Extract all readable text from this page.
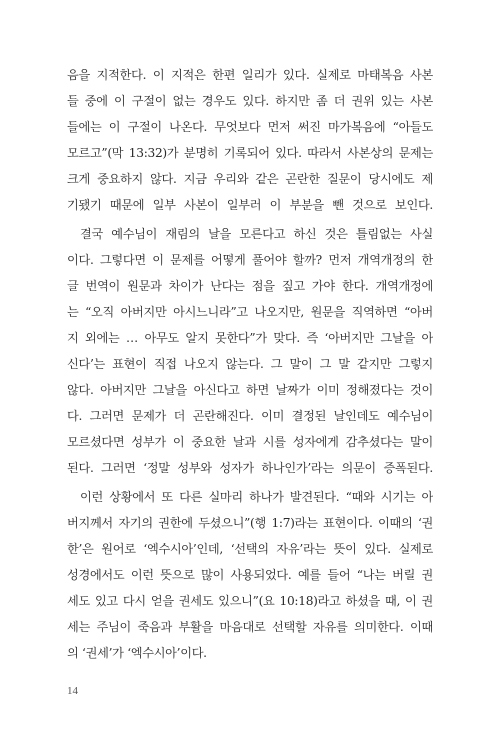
음을 지적한다. 이 지적은 한편 일리가 있다. 실제로 마태복음 사본
들 중에 이 구절이 없는 경우도 있다. 하지만 좀 더 권위 있는 사본
들에는 이 구절이 나온다. 무엇보다 먼저 써진 마가복음에 “아들도
모르고”(막 13:32)가 분명히 기록되어 있다. 따라서 사본상의 문제는
크게 중요하지 않다. 지금 우리와 같은 곤란한 질문이 당시에도 제
기됐기 때문에 일부 사본이 일부러 이 부분을 뺀 것으로 보인다.
결국 예수님이 재림의 날을 모른다고 하신 것은 틀림없는 사실
이다. 그렇다면 이 문제를 어떻게 풀어야 할까? 먼저 개역개정의 한
글 번역이 원문과 차이가 난다는 점을 짚고 가야 한다. 개역개정에
는 “오직 아버지만 아시느니라”고 나오지만, 원문을 직역하면 “아버
지 외에는 … 아무도 알지 못한다”가 맞다. 즉 ‘아버지만 그날을 아
신다’는 표현이 직접 나오지 않는다. 그 말이 그 말 같지만 그렇지
않다. 아버지만 그날을 아신다고 하면 날짜가 이미 정해졌다는 것이
다. 그러면 문제가 더 곤란해진다. 이미 결정된 날인데도 예수님이
모르셨다면 성부가 이 중요한 날과 시를 성자에게 감추셨다는 말이
된다. 그러면 ‘정말 성부와 성자가 하나인가’라는 의문이 증폭된다.
이런 상황에서 또 다른 실마리 하나가 발견된다. “때와 시기는 아
버지께서 자기의 권한에 두셨으니”(행 1:7)라는 표현이다. 이때의 ‘권
한’은 원어로 ‘엑수시아’인데, ‘선택의 자유’라는 뜻이 있다. 실제로
성경에서도 이런 뜻으로 많이 사용되었다. 예를 들어 “나는 버릴 권
세도 있고 다시 얻을 권세도 있으니”(요 10:18)라고 하셨을 때, 이 권
세는 주님이 죽음과 부활을 마음대로 선택할 자유를 의미한다. 이때
의 ‘권세’가 ‘엑수시아’이다.
14
